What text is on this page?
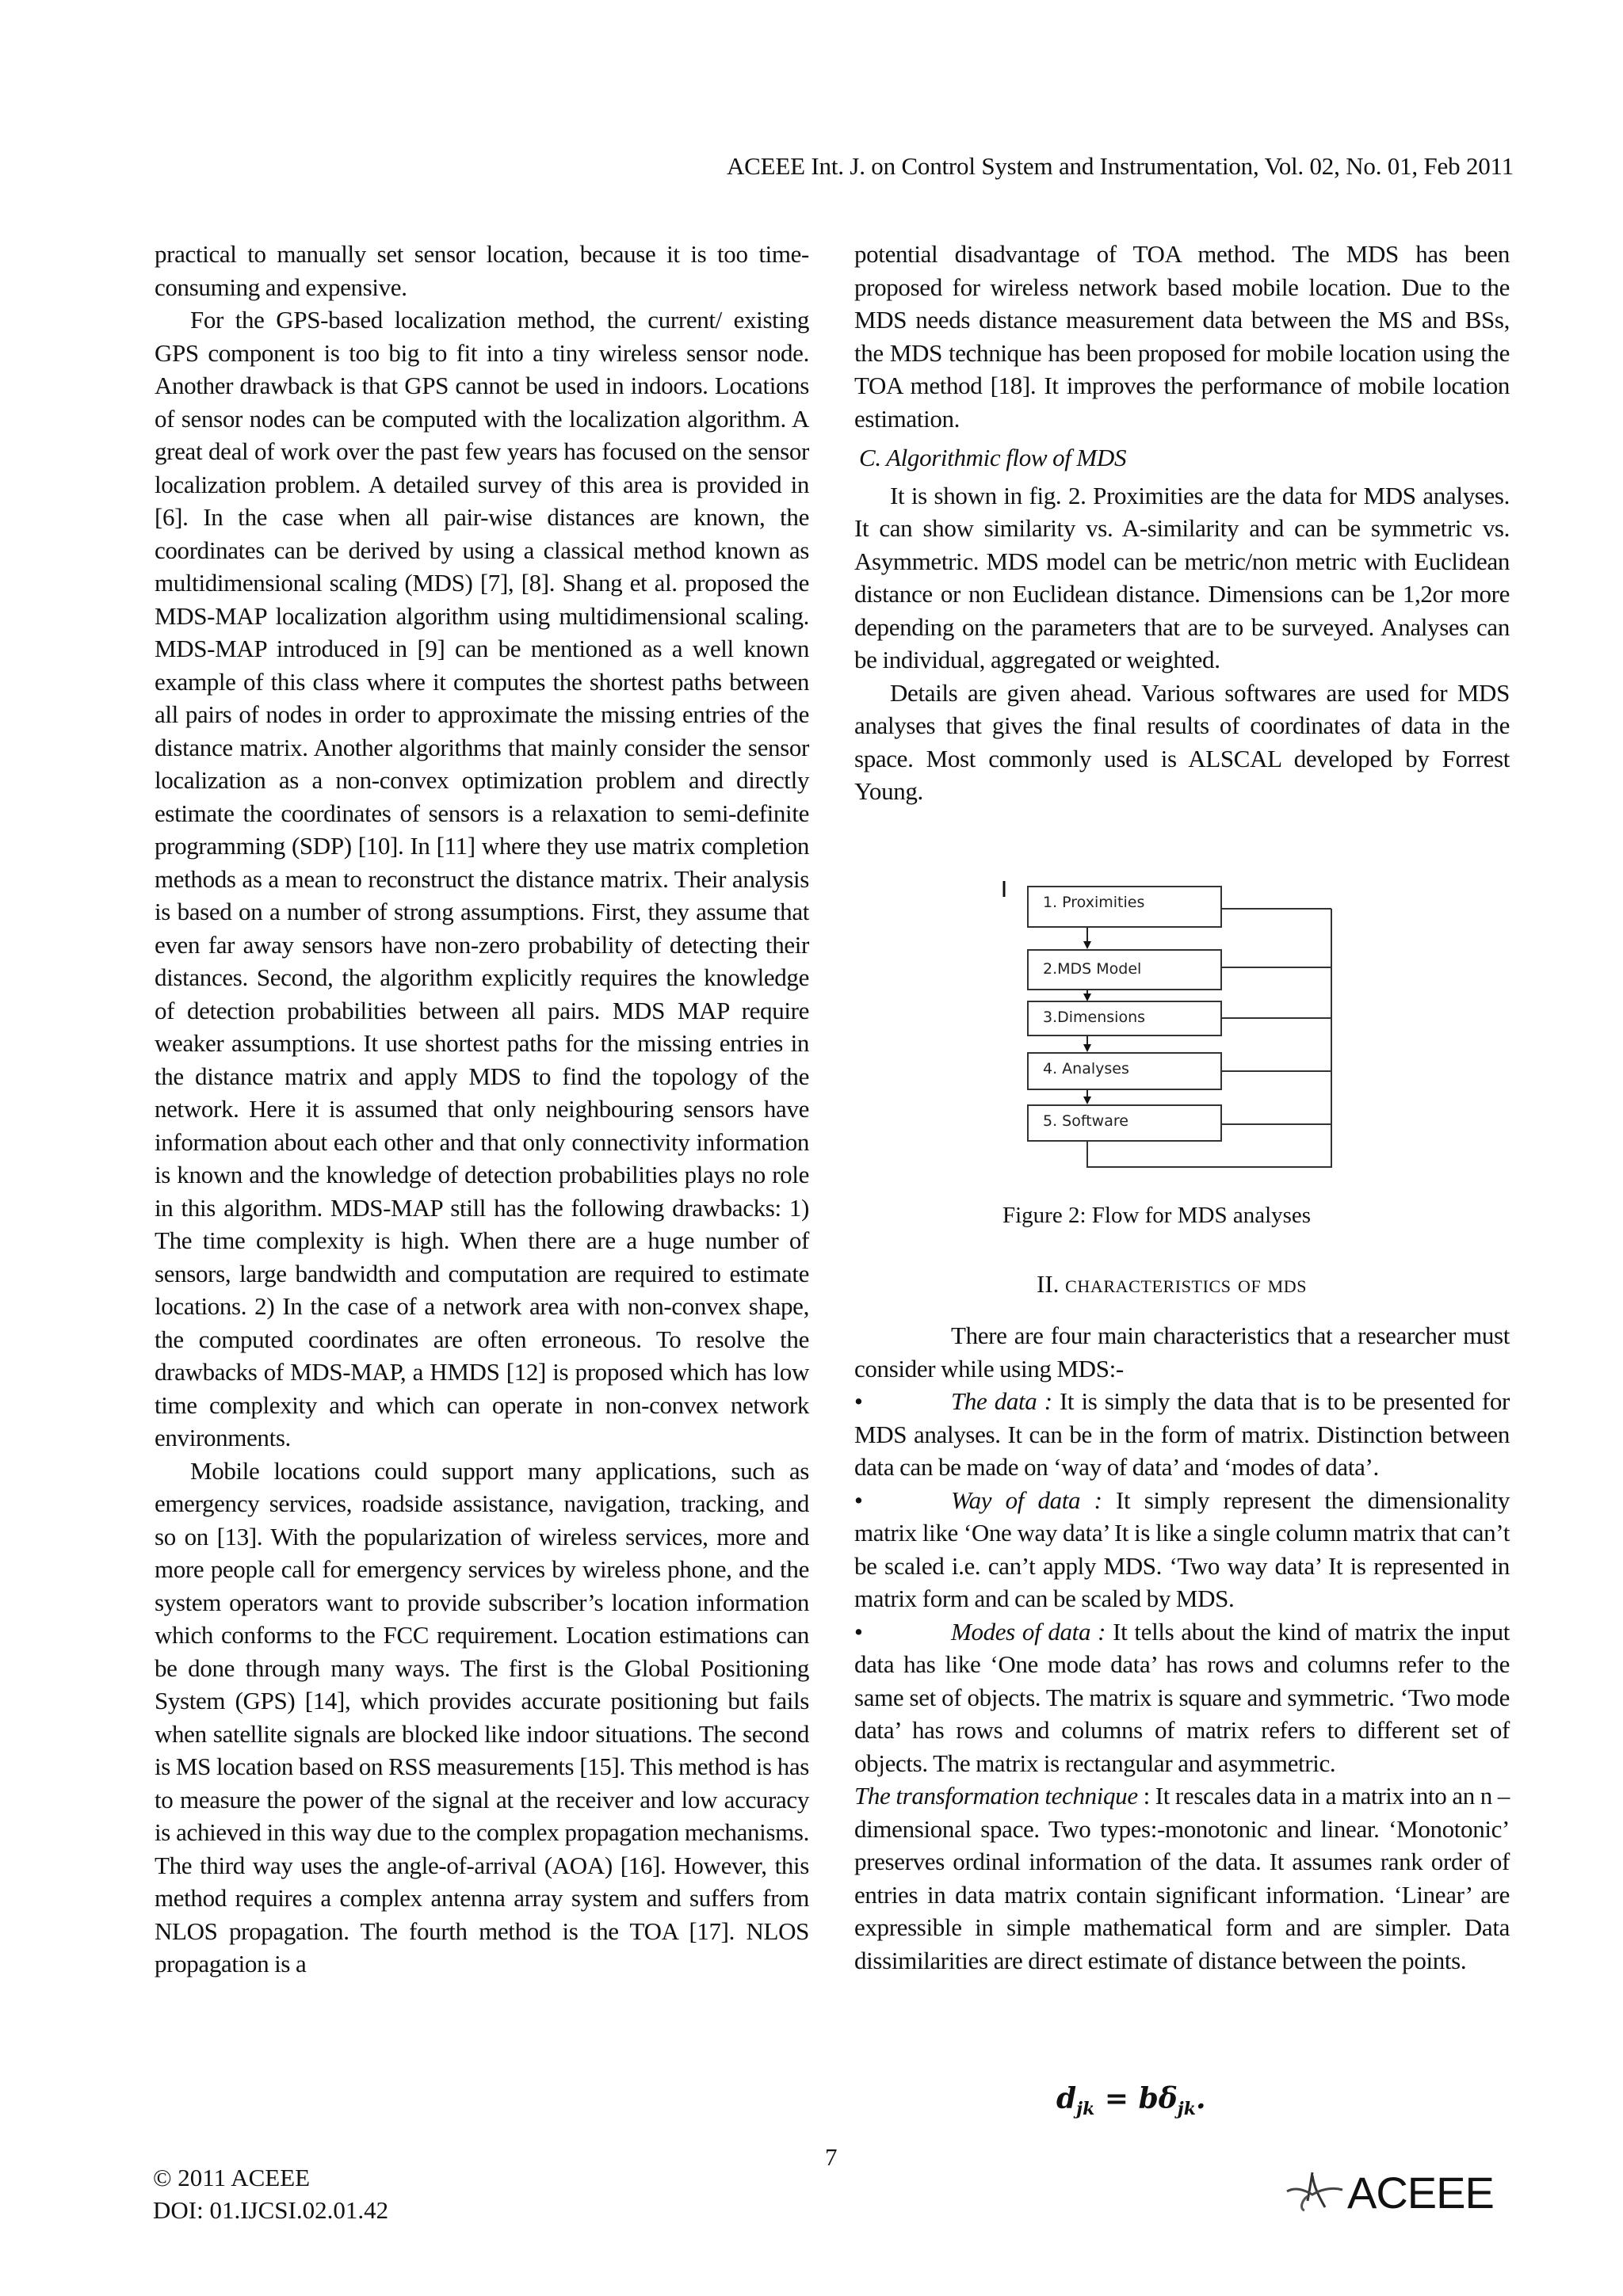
ACEEE Int. J. on Control System and Instrumentation, Vol. 02, No. 01, Feb 2011

practical to manually set sensor location, because it is too time-consuming and expensive.

For the GPS-based localization method, the current/ existing GPS component is too big to fit into a tiny wireless sensor node. Another drawback is that GPS cannot be used in indoors. Locations of sensor nodes can be computed with the localization algorithm. A great deal of work over the past few years has focused on the sensor localization problem. A detailed survey of this area is provided in [6]. In the case when all pair-wise distances are known, the coordinates can be derived by using a classical method known as multidimensional scaling (MDS) [7], [8]. Shang et al. proposed the MDS-MAP localization algorithm using multidimensional scaling. MDS-MAP introduced in [9] can be mentioned as a well known example of this class where it computes the shortest paths between all pairs of nodes in order to approximate the missing entries of the distance matrix. Another algorithms that mainly consider the sensor localization as a non-convex optimization problem and directly estimate the coordinates of sensors is a relaxation to semi-definite programming (SDP) [10]. In [11] where they use matrix completion methods as a mean to reconstruct the distance matrix. Their analysis is based on a number of strong assumptions. First, they assume that even far away sensors have non-zero probability of detecting their distances. Second, the algorithm explicitly requires the knowledge of detection probabilities between all pairs. MDS MAP require weaker assumptions. It use shortest paths for the missing entries in the distance matrix and apply MDS to find the topology of the network. Here it is assumed that only neighbouring sensors have information about each other and that only connectivity information is known and the knowledge of detection probabilities plays no role in this algorithm. MDS-MAP still has the following drawbacks: 1) The time complexity is high. When there are a huge number of sensors, large bandwidth and computation are required to estimate locations. 2) In the case of a network area with non-convex shape, the computed coordinates are often erroneous. To resolve the drawbacks of MDS-MAP, a HMDS [12] is proposed which has low time complexity and which can operate in non-convex network environments.

Mobile locations could support many applications, such as emergency services, roadside assistance, navigation, tracking, and so on [13]. With the popularization of wireless services, more and more people call for emergency services by wireless phone, and the system operators want to provide subscriber’s location information which conforms to the FCC requirement. Location estimations can be done through many ways. The first is the Global Positioning System (GPS) [14], which provides accurate positioning but fails when satellite signals are blocked like indoor situations. The second is MS location based on RSS measurements [15]. This method is has to measure the power of the signal at the receiver and low accuracy is achieved in this way due to the complex propagation mechanisms. The third way uses the angle-of-arrival (AOA) [16]. However, this method requires a complex antenna array system and suffers from NLOS propagation. The fourth method is the TOA [17]. NLOS propagation is a

potential disadvantage of TOA method. The MDS has been proposed for wireless network based mobile location. Due to the MDS needs distance measurement data between the MS and BSs, the MDS technique has been proposed for mobile location using the TOA method [18]. It improves the performance of mobile location estimation.

C. Algorithmic flow of MDS

It is shown in fig. 2. Proximities are the data for MDS analyses. It can show similarity vs. A-similarity and can be symmetric vs. Asymmetric. MDS model can be metric/non metric with Euclidean distance or non Euclidean distance. Dimensions can be 1,2or more depending on the parameters that are to be surveyed. Analyses can be individual, aggregated or weighted.

Details are given ahead. Various softwares are used for MDS analyses that gives the final results of coordinates of data in the space. Most commonly used is ALSCAL developed by Forrest Young.

1. Proximities
2.MDS Model
3.Dimensions
4. Analyses
5. Software
Figure 2: Flow for MDS analyses
II. characteristics of mds

There are four main characteristics that a researcher must consider while using MDS:-

•	The data : It is simply the data that is to be presented for MDS analyses. It can be in the form of matrix. Distinction between data can be made on ‘way of data’ and ‘modes of data’.

•	Way of data : It simply represent the dimensionality matrix like ‘One way data’ It is like a single column matrix that can’t be scaled i.e. can’t apply MDS. ‘Two way data’ It is represented in matrix form and can be scaled by MDS.

•	Modes of data : It tells about the kind of matrix the input data has like ‘One mode data’ has rows and columns refer to the same set of objects. The matrix is square and symmetric. ‘Two mode data’ has rows and columns of matrix refers to different set of objects. The matrix is rectangular and asymmetric.

The transformation technique : It rescales data in a matrix into an n –dimensional space. Two types:-monotonic and linear. ‘Monotonic’ preserves ordinal information of the data. It assumes rank order of entries in data matrix contain significant information. ‘Linear’ are expressible in simple mathematical form and are simpler. Data dissimilarities are direct estimate of distance between the points.

$d_{jk} = b\delta_{jk}$.
7
© 2011 ACEEE
DOI: 01.IJCSI.02.01.42	ACEEE
